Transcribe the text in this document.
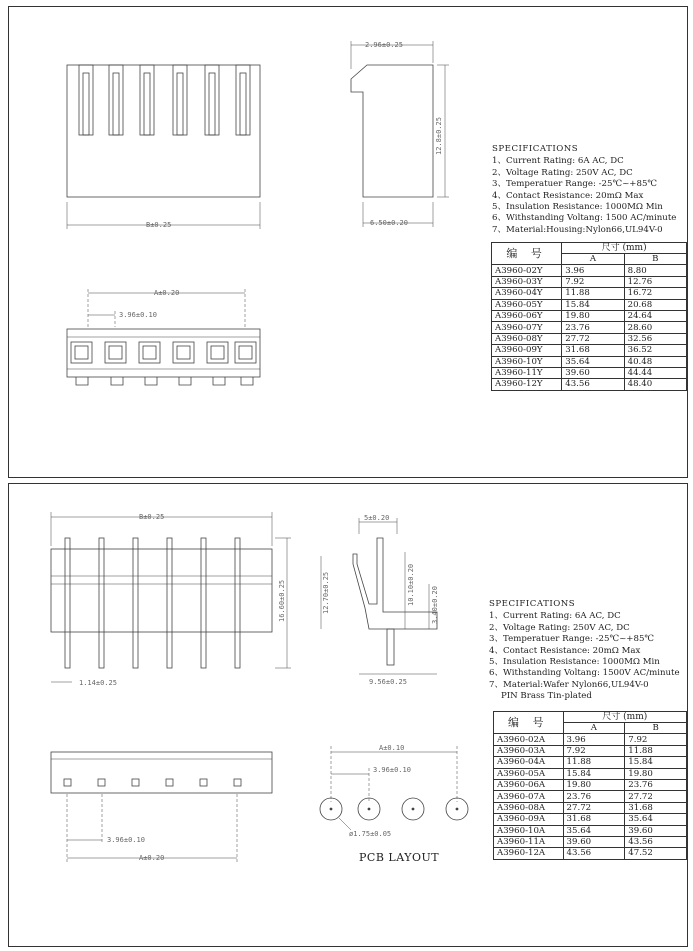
B±0.25
2.96±0.25
12.8±0.25
6.50±0.20
A±0.20
3.96±0.10
SPECIFICATIONS
1、Current Rating: 6A AC, DC
2、Voltage Rating: 250V AC, DC
3、Temperatuer Range: -25℃~+85℃
4、Contact Resistance: 20mΩ Max
5、Insulation Resistance: 1000MΩ Min
6、Withstanding Voltang: 1500 AC/minute
7、Material:Housing:Nylon66,UL94V-0
编 号	尺寸 (mm)	
	A	B
A3960-02Y	3.96	8.80
A3960-03Y	7.92	12.76
A3960-04Y	11.88	16.72
A3960-05Y	15.84	20.68
A3960-06Y	19.80	24.64
A3960-07Y	23.76	28.60
A3960-08Y	27.72	32.56
A3960-09Y	31.68	36.52
A3960-10Y	35.64	40.48
A3960-11Y	39.60	44.44
A3960-12Y	43.56	48.40
B±0.25
16.60±0.25
1.14±0.25
5±0.20
12.70±0.25	10.10±0.20 3.40±0.20
9.56±0.25
3.96±0.10
A±0.20
A±0.10
3.96±0.10
ø1.75±0.05
PCB LAYOUT
SPECIFICATIONS
1、Current Rating: 6A AC, DC
2、Voltage Rating: 250V AC, DC
3、Temperatuer Range: -25℃~+85℃
4、Contact Resistance: 20mΩ Max
5、Insulation Resistance: 1000MΩ Min
6、Withstanding Voltang: 1500V AC/minute
7、Material:Wafer Nylon66,UL94V-0
PIN Brass Tin-plated
编 号	尺寸 (mm)	
	A	B
A3960-02A	3.96	7.92
A3960-03A	7.92	11.88
A3960-04A	11.88	15.84
A3960-05A	15.84	19.80
A3960-06A	19.80	23.76
A3960-07A	23.76	27.72
A3960-08A	27.72	31.68
A3960-09A	31.68	35.64
A3960-10A	35.64	39.60
A3960-11A	39.60	43.56
A3960-12A	43.56	47.52
